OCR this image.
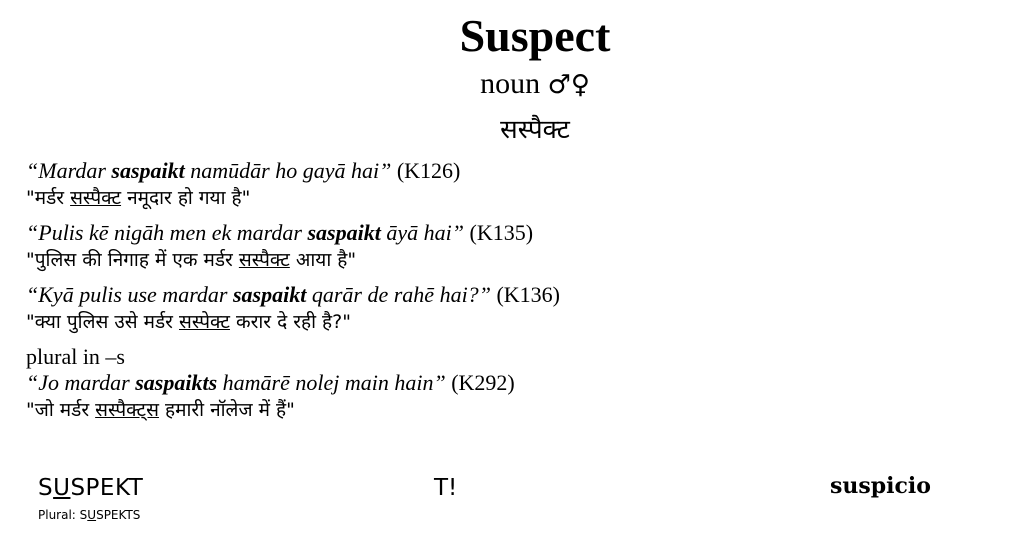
Suspect
noun ♂♀
सस्पैक्ट
“Mardar saspaikt namūdār ho gayā hai” (K126)
"मर्डर सस्पैक्ट नमूदार हो गया है"
“Pulis kē nigāh men ek mardar saspaikt āyā hai” (K135)
"पुलिस की निगाह में एक मर्डर सस्पैक्ट आया है"
“Kyā pulis use mardar saspaikt qarār de rahē hai?” (K136)
"क्या पुलिस उसे मर्डर सस्पेक्ट करार दे रही है?"
plural in –s
“Jo mardar saspaikts hamārē nolej main hain” (K292)
"जो मर्डर सस्पैक्ट्स हमारी नॉलेज में हैं"
SUSPEKT
Plural: SUSPEKTS
T!	suspicio
